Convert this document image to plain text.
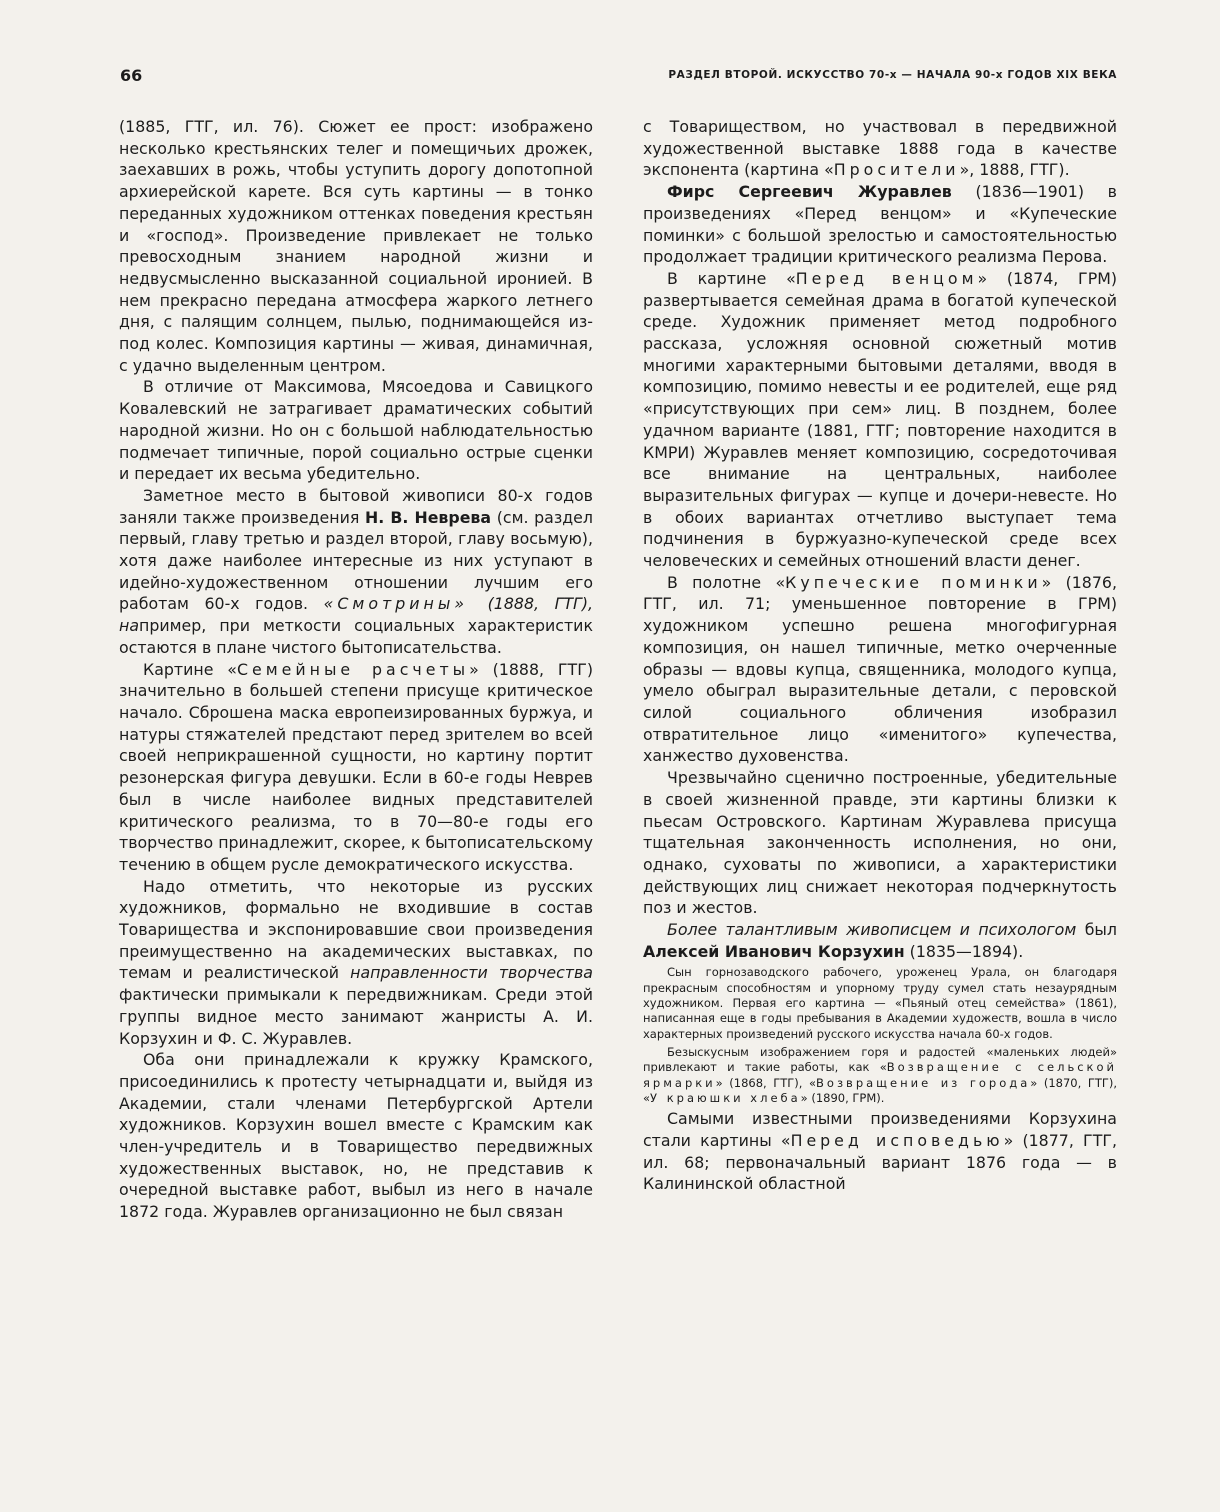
66	РАЗДЕЛ ВТОРОЙ. ИСКУССТВО 70-х — НАЧАЛА 90-х ГОДОВ XIX ВЕКА

(1885, ГТГ, ил. 76). Сюжет ее прост: изображено несколько крестьянских телег и помещичьих дрожек, заехавших в рожь, чтобы уступить дорогу допотопной архиерейской карете. Вся суть картины — в тонко переданных художником оттенках поведения крестьян и «господ». Произведение привлекает не только превосходным знанием народной жизни и недвусмысленно высказанной социальной иронией. В нем прекрасно передана атмосфера жаркого летнего дня, с палящим солнцем, пылью, поднимающейся из-под колес. Композиция картины — живая, динамичная, с удачно выделенным центром.

В отличие от Максимова, Мясоедова и Савицкого Ковалевский не затрагивает драматических событий народной жизни. Но он с большой наблюдательностью подмечает типичные, порой социально острые сценки и передает их весьма убедительно.

Заметное место в бытовой живописи 80-х годов заняли также произведения Н. В. Неврева (см. раздел первый, главу третью и раздел второй, главу восьмую), хотя даже наиболее интересные из них уступают в идейно-художественном отношении лучшим его работам 60-х годов. «Смотрины» (1888, ГТГ), например, при меткости социальных характеристик остаются в плане чистого бытописательства.

Картине «Семейные расчеты» (1888, ГТГ) значительно в большей степени присуще критическое начало. Сброшена маска европеизированных буржуа, и натуры стяжателей предстают перед зрителем во всей своей неприкрашенной сущности, но картину портит резонерская фигура девушки. Если в 60-е годы Неврев был в числе наиболее видных представителей критического реализма, то в 70—80-е годы его творчество принадлежит, скорее, к бытописательскому течению в общем русле демократического искусства.

Надо отметить, что некоторые из русских художников, формально не входившие в состав Товарищества и экспонировавшие свои произведения преимущественно на академических выставках, по темам и реалистической направленности творчества фактически примыкали к передвижникам. Среди этой группы видное место занимают жанристы А. И. Корзухин и Ф. С. Журавлев.

Оба они принадлежали к кружку Крамского, присоединились к протесту четырнадцати и, выйдя из Академии, стали членами Петербургской Артели художников. Корзухин вошел вместе с Крамским как член-учредитель и в Товарищество передвижных художественных выставок, но, не представив к очередной выставке работ, выбыл из него в начале 1872 года. Журавлев организационно не был связан

с Товариществом, но участвовал в передвижной художественной выставке 1888 года в качестве экспонента (картина «Просители», 1888, ГТГ).

Фирс Сергеевич Журавлев (1836—1901) в произведениях «Перед венцом» и «Купеческие поминки» с большой зрелостью и самостоятельностью продолжает традиции критического реализма Перова.

В картине «Перед венцом» (1874, ГРМ) развертывается семейная драма в богатой купеческой среде. Художник применяет метод подробного рассказа, усложняя основной сюжетный мотив многими характерными бытовыми деталями, вводя в композицию, помимо невесты и ее родителей, еще ряд «присутствующих при сем» лиц. В позднем, более удачном варианте (1881, ГТГ; повторение находится в КМРИ) Журавлев меняет композицию, сосредоточивая все внимание на центральных, наиболее выразительных фигурах — купце и дочери-невесте. Но в обоих вариантах отчетливо выступает тема подчинения в буржуазно-купеческой среде всех человеческих и семейных отношений власти денег.

В полотне «Купеческие поминки» (1876, ГТГ, ил. 71; уменьшенное повторение в ГРМ) художником успешно решена многофигурная композиция, он нашел типичные, метко очерченные образы — вдовы купца, священника, молодого купца, умело обыграл выразительные детали, с перовской силой социального обличения изобразил отвратительное лицо «именитого» купечества, ханжество духовенства.

Чрезвычайно сценично построенные, убедительные в своей жизненной правде, эти картины близки к пьесам Островского. Картинам Журавлева присуща тщательная законченность исполнения, но они, однако, суховаты по живописи, а характеристики действующих лиц снижает некоторая подчеркнутость поз и жестов.

Более талантливым живописцем и психологом был Алексей Иванович Корзухин (1835—1894).

Сын горнозаводского рабочего, уроженец Урала, он благодаря прекрасным способностям и упорному труду сумел стать незаурядным художником. Первая его картина — «Пьяный отец семейства» (1861), написанная еще в годы пребывания в Академии художеств, вошла в число характерных произведений русского искусства начала 60-х годов.

Безыскусным изображением горя и радостей «маленьких людей» привлекают и такие работы, как «Возвращение с сельской ярмарки» (1868, ГТГ), «Возвращение из города» (1870, ГТГ), «У краюшки хлеба» (1890, ГРМ).

Самыми известными произведениями Корзухина стали картины «Перед исповедью» (1877, ГТГ, ил. 68; первоначальный вариант 1876 года — в Калининской областной
